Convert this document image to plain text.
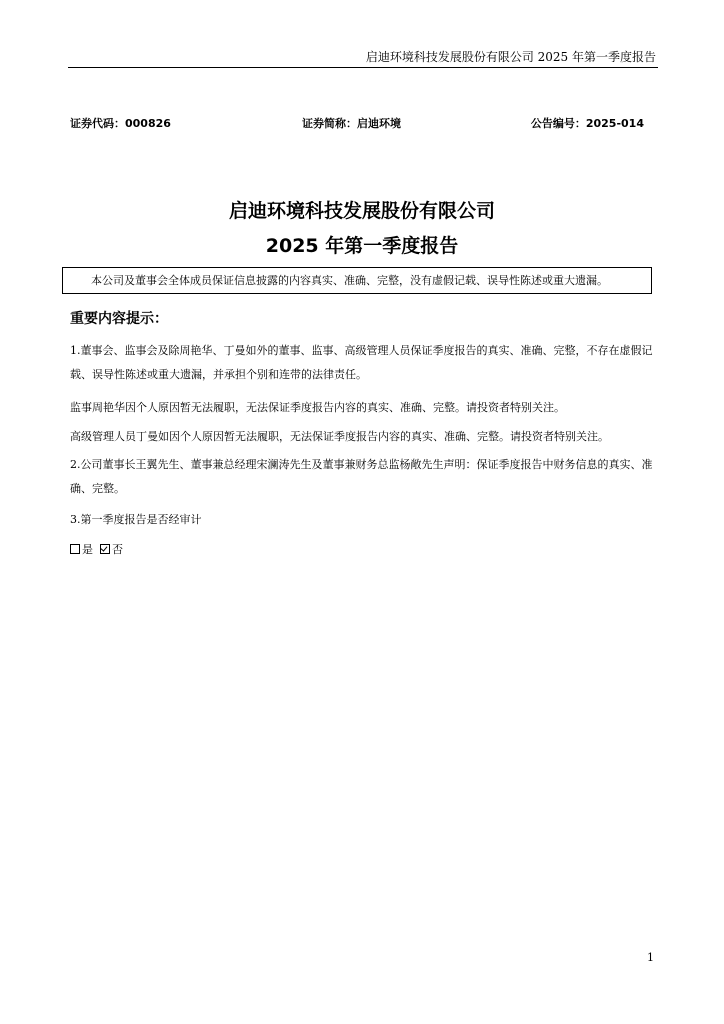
启迪环境科技发展股份有限公司 2025 年第一季度报告
证券代码：000826	证券简称：启迪环境	公告编号：2025-014
启迪环境科技发展股份有限公司
2025 年第一季度报告
本公司及董事会全体成员保证信息披露的内容真实、准确、完整，没有虚假记载、误导性陈述或重大遗漏。
重要内容提示：
1.董事会、监事会及除周艳华、丁曼如外的董事、监事、高级管理人员保证季度报告的真实、准确、完整，不存在虚假记载、误导性陈述或重大遗漏，并承担个别和连带的法律责任。
监事周艳华因个人原因暂无法履职，无法保证季度报告内容的真实、准确、完整。请投资者特别关注。
高级管理人员丁曼如因个人原因暂无法履职，无法保证季度报告内容的真实、准确、完整。请投资者特别关注。
2.公司董事长王翼先生、董事兼总经理宋澜涛先生及董事兼财务总监杨敞先生声明：保证季度报告中财务信息的真实、准确、完整。
3.第一季度报告是否经审计
是 否
1
